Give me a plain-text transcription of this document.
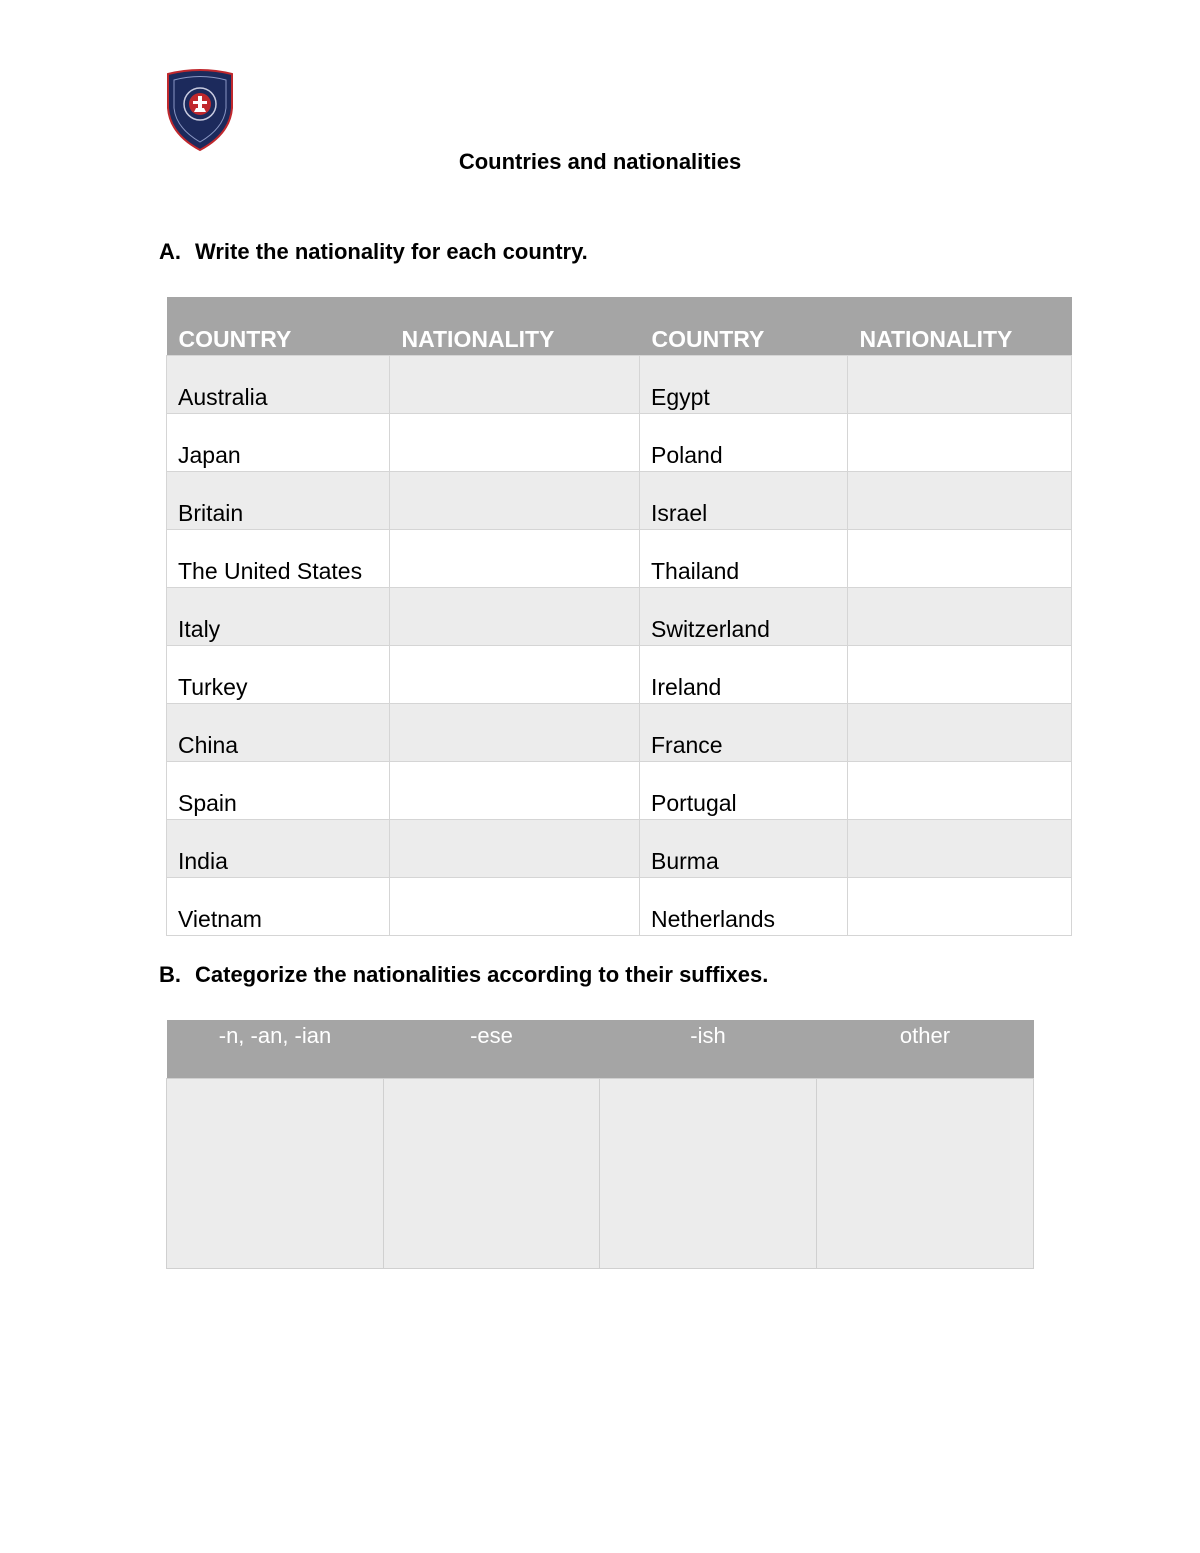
Countries and nationalities
A. Write the nationality for each country.
COUNTRY	NATIONALITY	COUNTRY	NATIONALITY
Australia		Egypt	
Japan		Poland	
Britain		Israel	
The United States		Thailand	
Italy		Switzerland	
Turkey		Ireland	
China		France	
Spain		Portugal	
India		Burma	
Vietnam		Netherlands	
B. Categorize the nationalities according to their suffixes.
-n, -an, -ian	-ese	-ish	other
